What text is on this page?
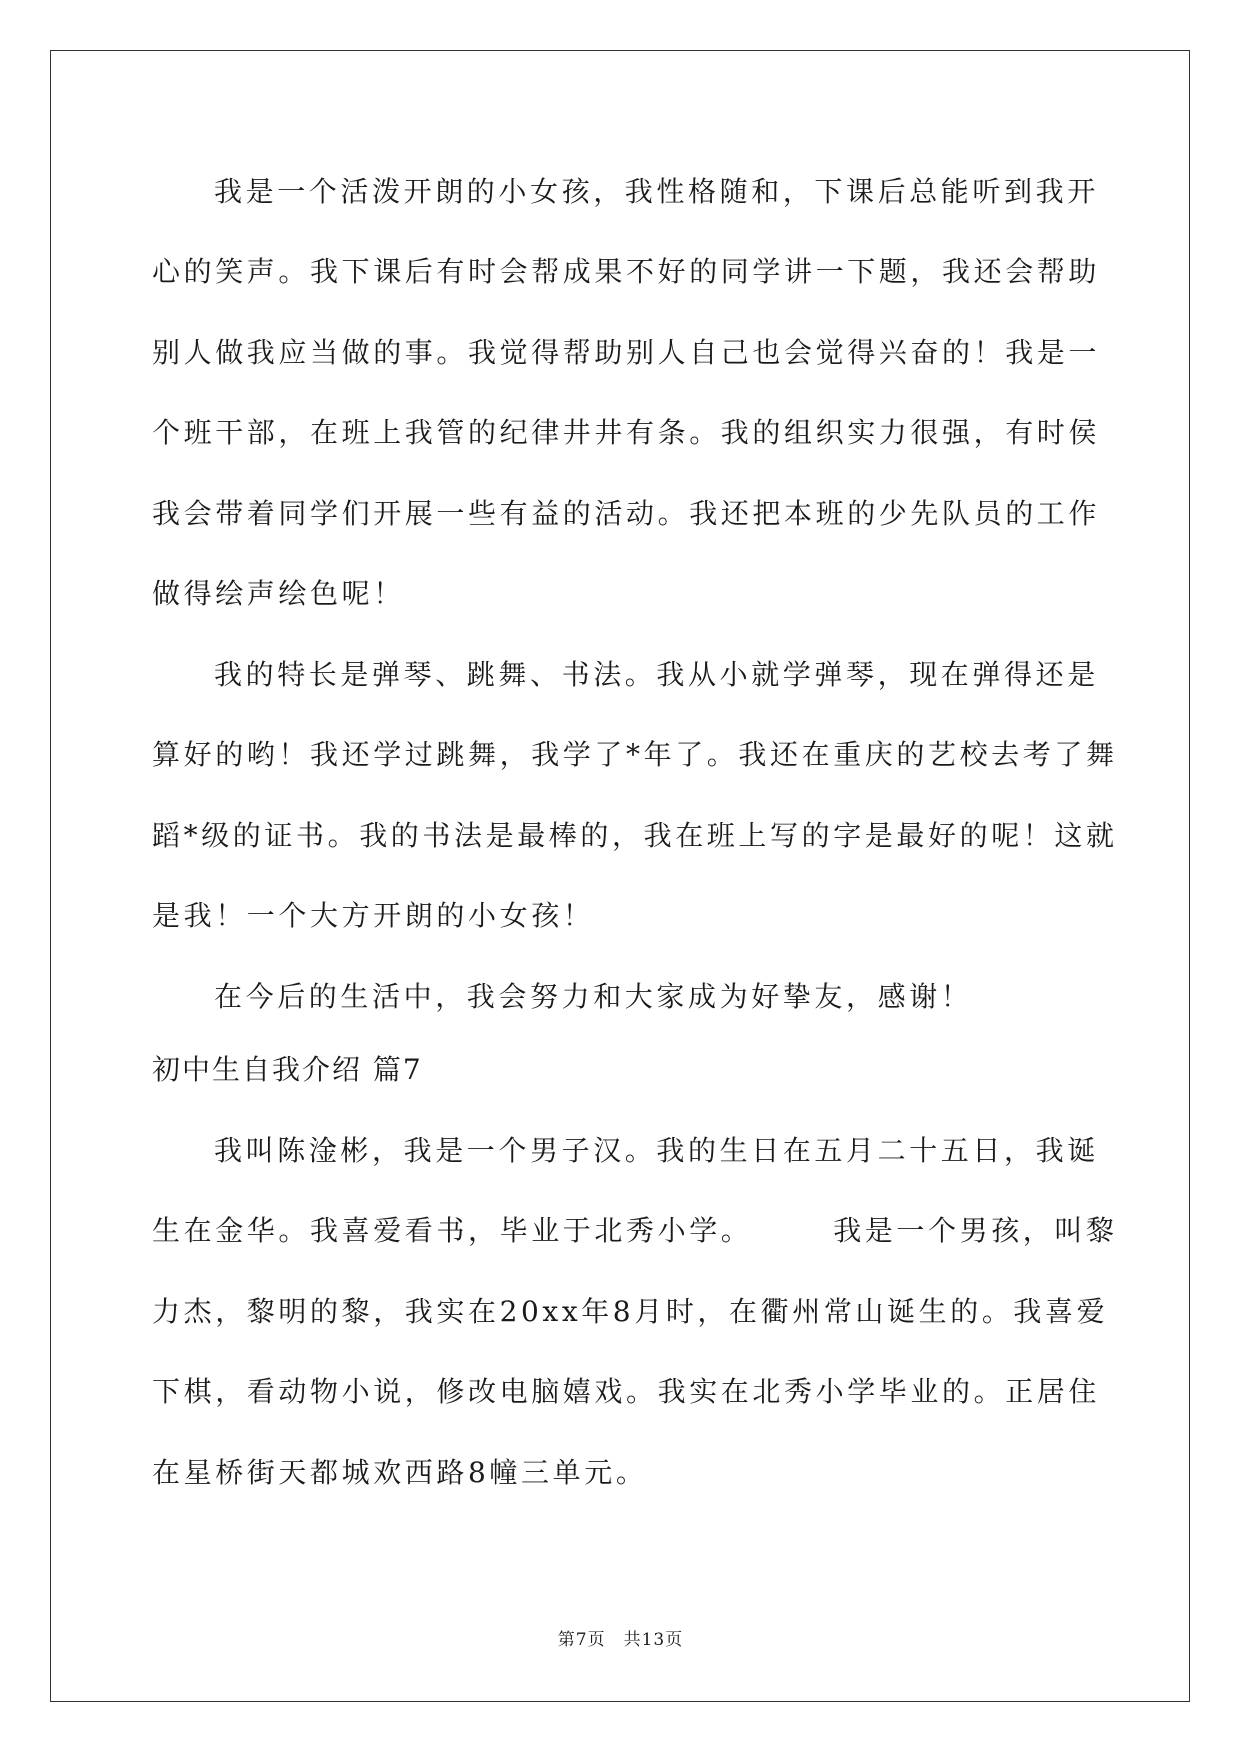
我是一个活泼开朗的小女孩，我性格随和，下课后总能听到我开
心的笑声。我下课后有时会帮成果不好的同学讲一下题，我还会帮助
别人做我应当做的事。我觉得帮助别人自己也会觉得兴奋的！我是一
个班干部，在班上我管的纪律井井有条。我的组织实力很强，有时侯
我会带着同学们开展一些有益的活动。我还把本班的少先队员的工作
做得绘声绘色呢！
我的特长是弹琴、跳舞、书法。我从小就学弹琴，现在弹得还是
算好的哟！我还学过跳舞，我学了*年了。我还在重庆的艺校去考了舞
蹈*级的证书。我的书法是最棒的，我在班上写的字是最好的呢！这就
是我！一个大方开朗的小女孩！
在今后的生活中，我会努力和大家成为好挚友，感谢！
初中生自我介绍 篇7
我叫陈淦彬，我是一个男子汉。我的生日在五月二十五日，我诞
生在金华。我喜爱看书，毕业于北秀小学。　　　我是一个男孩，叫黎
力杰，黎明的黎，我实在20xx年8月时，在衢州常山诞生的。我喜爱
下棋，看动物小说，修改电脑嬉戏。我实在北秀小学毕业的。正居住
在星桥街天都城欢西路8幢三单元。
第7页　共13页
